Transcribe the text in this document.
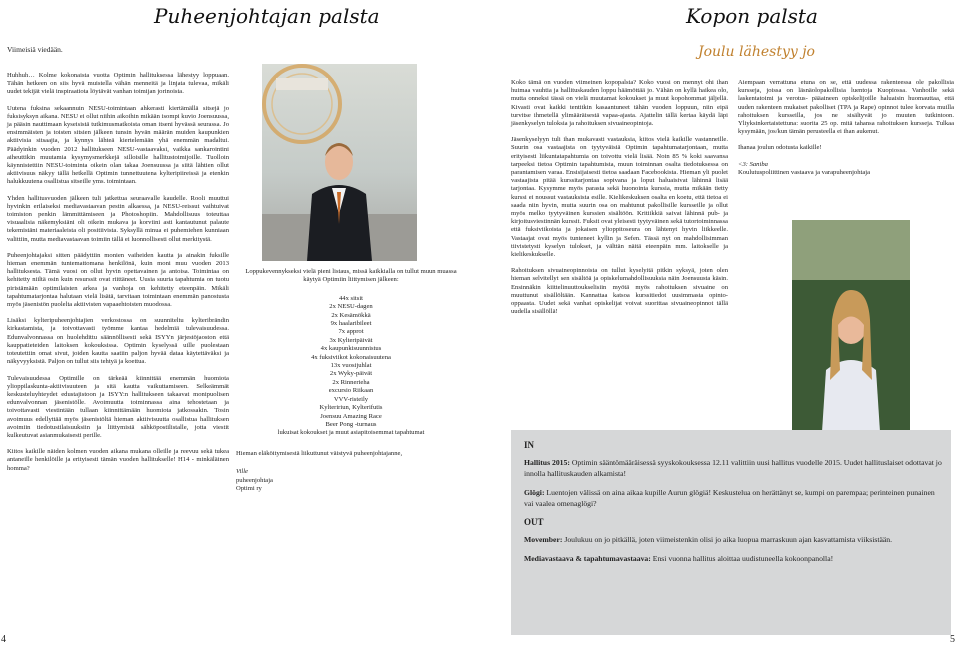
Puheenjohtajan palsta	Kopon palsta
Viimeisiä viedään.	Joulu lähestyy jo

Huhhuh… Kolme kokonaista vuotta Optimin hallituksessa lähestyy loppuaan. Tähän hetkeen on siis hyvä muistella vähän menneitä ja linjata tulevaa, mikäli uudet tekijät vielä inspiraatiota löytävät vanhan toimijan jorinoista.

Uutena fuksina sekaannuin NESU-toimintaan ahkerasti kiertämällä sitsejä jo fuksisyksyn aikana. NESU ei ollut niihin aikoihin mikään isompi kuvio Joensuussa, ja pääsin nauttimaan kyseisistä tutkimusmatkoista oman itseni hyvässä seurassa. Jo ensimmäisten ja toisten sitsien jälkeen tunsin hyvän määrän muiden kaupunkien aktiivisia sitsaajia, ja kynnys lähteä kiertelemään yhä enemmän madaltui. Päädyinkin vuoden 2012 hallitukseen NESU-vastaavaksi, vaikka sankarointini aiheuttikin muutamia kysymysmerkkejä silloisille hallitustoimijoille. Tuolloin käynnistettiin NESU-toiminta oikein olan takaa Joensuussa ja siitä lähtien ollut aktiivisuus näkyy tällä hetkellä Optimin tunnettuutena kylteripiireissä ja etenkin halukkuutena osallistua sitseille yms. toimintaan.

Yhden hallitusvuoden jälkeen tuli jatkettua seuraavalle kaudelle. Rooli muuttui hyvinkin erilaiseksi mediavastaavan pestin alkaessa, ja NESU-reissut vaihtuivat toimiston penkin lämmittämiseen ja Photoshopiin. Mahdollisuus toteuttaa visuaalisia näkemyksiäni oli oikein mukava ja korviini asti kantautunut palaute tekemistäni materiaaleista oli positiivista. Syksyllä minua ei puhemiehen kunniaan valittiin, mutta mediavastaavan toimiin tällä ei luonnollisesti ollut merkitystä.

Puheenjohtajaksi sitten päädyttiin monien vaiheiden kautta ja ainakin fuksille hieman enemmän tuntemattomana henkilönä, kuin moni muu vuoden 2013 hallituksesta. Tämä vuosi on ollut hyvin opettavainen ja antoisa. Toimintaa on kehitetty niiltä osin kuin resurssit ovat riittäneet. Uusia suuria tapahtumia on tuotu piristämään optimilaisten arkea ja vanhoja on kehitetty eteenpäin. Mikäli tapahtumatarjontaa halutaan vielä lisätä, tarvitaan toimintaan enemmän panostusta myös jäsenistön puolelta aktiivisten vapaaehtoisten muodossa.

Lisäksi kylteripuheenjohtajien verkostossa on suunniteltu kylteribrändin kirkastamista, ja toivottavasti työmme kantaa hedelmiä tulevaisuudessa. Edunvalvonnassa on huolehdittu säännöllisesti sekä ISYYn järjestöjaoston että kauppatieteiden laitoksen kokouksissa. Optimin kyselyssä uille puolestaan toteutettiin omat sivut, joiden kautta saatiin paljon hyvää dataa käytettäväksi ja näkyvyyksistä. Paljon on tullut siis tehtyä ja koettua.

Tulevaisuudessa Optimille on tärkeää kiinnittää enemmän huomiota ylioppilaskunta-aktiivisuuteen ja sitä kautta vaikuttamiseen. Selkeämmät keskusteluyhteydet edustajistoon ja ISYY:n hallitukseen takaavat monipuolisen edunvalvonnan jäsenistölle. Avoimuutta toiminnassa aina tehostetaan ja toivottavasti viestintään tullaan kiinnittämään huomiota jatkossakin. Tosin avoimuus edellyttää myös jäsenistöltä hieman aktiivisuutta osallistua hallituksen avoimiin tiedotustilaisuuksiin ja liittymistä sähköpostilistalle, jotta viestit kulkeutuvat asianmukaisesti perille.

Kiitos kaikille näiden kolmen vuoden aikana mukana olleille ja reevuu sekä tukea antaneille henkilöille ja erityisesti tämän vuoden hallitukselle! H14 - minkäläinen homma?

Loppukevennykseksi vielä pieni listaus, missä kaikkialla on tullut muun muassa käytyä Optimiin liittymisen jälkeen:
44x sitsit
2x NESU-dagen
2x Kesämökkä
9x haalaribileet
7x approt
3x Kylteripäivät
4x kaupunkisuunnistus
4x fuksiviikot kokonaisuutena
13x vuosijuhlat
2x Wyky-päivät
2x Rinnerieha
excursio Riikaan
VVV-risteily
Kylteririun, Kylterifutis
Joensuu Amazing Race
Beer Pong -turnaus
lukuisat kokoukset ja muut asiapitoisemmat tapahtumat
Hieman eläköitymisestä liikuttunut väistyvä puheenjohtajanne,
Ville
puheenjohtaja
Optimi ry

Koko tämä on vuoden viimeinen kopopalsta? Koko vuosi on mennyt ohi ihan huimaa vauhtia ja hallituskauden loppu häämöttää jo. Vähän on kyllä haikea olo, mutta onneksi tässä on vielä muutamat kokoukset ja muut kopohommat jäljellä. Kivasti ovat kaikki tentitkin kasaantuneet tähän vuoden loppuun, niin eipä turvitse ihmetellä ylimääräisestä vapaa-ajasta. Ajattelin tällä kertaa käydä läpi jäsenkyselyn tuloksia ja rahoituksen sivuaineopintoja.

Jäsenkyselyyn tuli ihan mukavasti vastauksia, kiitos vielä kaikille vastanneille. Suurin osa vastaajista on tyytyväisiä Optimin tapahtumatarjontaan, mutta erityisesti liikuntatapahtumia on toivottu vielä lisää. Noin 85 % koki saavansa tarpeeksi tietoa Optimin tapahtumista, muun toiminnan osalta tiedotuksessa on parantamisen varaa. Ensisijaisesti tietoa saadaan Facebookista. Hieman yli puolet vastaajista pitää kurssitarjontaa sopivana ja loput haluaisivat lähinnä lisää tarjontaa. Kysymme myös parasta sekä huonointa kurssia, mutta mikään tietty kurssi ei noussut vastauksista esille. Kielikeskuksen osalta en koetu, että tietoa ei saada niin hyvin, mutta suurin osa on mahtunut pakollisille kursseille ja ollut myös melko tyytyväinen kurssien sisältöön. Kritiikkiä saivat lähinnä pub- ja kirjoitusviestinnän kurssit. Fuksit ovat yleisesti tyytyväinen sekä tutortoiminnassa että fuksiviikoista ja jokaisen ylioppitoseura on lähtenyt hyvin liikkeelle. Vastaajat ovat myös tunteneet kyllin ja Sefen. Tässä nyt on mahdollisimman tiivistetysti kyselyn tulokset, ja välttän näitä eteenpäin mm. laitokselle ja kielikeskukselle.

Rahoituksen sivuaineopinnoista on tullut kyselyitä pitkin syksyä, joten olen hieman selvitellyt sen sisältöä ja opiskelumahdollisuuksia näin Joensuusta käsin. Ensinnäkin kiittelinuuttoukselisiin myötä myös rahoituksen sivuaine on muuttunut sisällöltään. Kannattaa katsoa kurssitiedot uusimmasta opinto-oppaasta. Uudet sekä vanhat opiskelijat voivat suorittaa sivuaineopinnot tällä uudella sisällöllä!

Aiempaan verrattuna etuna on se, että uudessa rakenteessa ole pakollisia kursseja, joissa on läsnäolopakollisia luentoja Kuopiossa. Vanhoille sekä laskentatoimi ja verotus- pääaineen opiskelijoille haluaisin huomauttaa, että uuden rakenteen mukaiset pakolliset (TPA ja Rape) opinnot tulee korvata muilla rahoituksen kursseilla, jos ne sisältyvät jo muuten tutkintoon. Yliyksinkertaistettuna: suorita 25 op. mitä tahansa rahoituksen kursseja. Tulkaa kysymään, jos/kun tämän perusteella ei ihan aukenut.

Ihanaa joulun odotusta kaikille!

<3: Saniba
Koulutuspoliittinen vastaava ja varapuheenjohtaja
IN

Hallitus 2015: Optimin sääntömääräisessä syyskokouksessa 12.11 valittiin uusi hallitus vuodelle 2015. Uudet hallituslaiset odottavat jo innolla hallituskauden alkamista!

Glögi: Luentojen välissä on aina aikaa kupille Aurun glögiä! Keskustelua on herättänyt se, kumpi on parempaa; perinteinen punainen vai vaalea omenaglögi?

OUT

Movember: Joulukuu on jo pitkällä, joten viimeistenkin olisi jo aika luopua marraskuun ajan kasvattamista viiksistään.

Mediavastaava & tapahtumavastaava: Ensi vuonna hallitus aloittaa uudistuneella kokoonpanolla!

4	5
